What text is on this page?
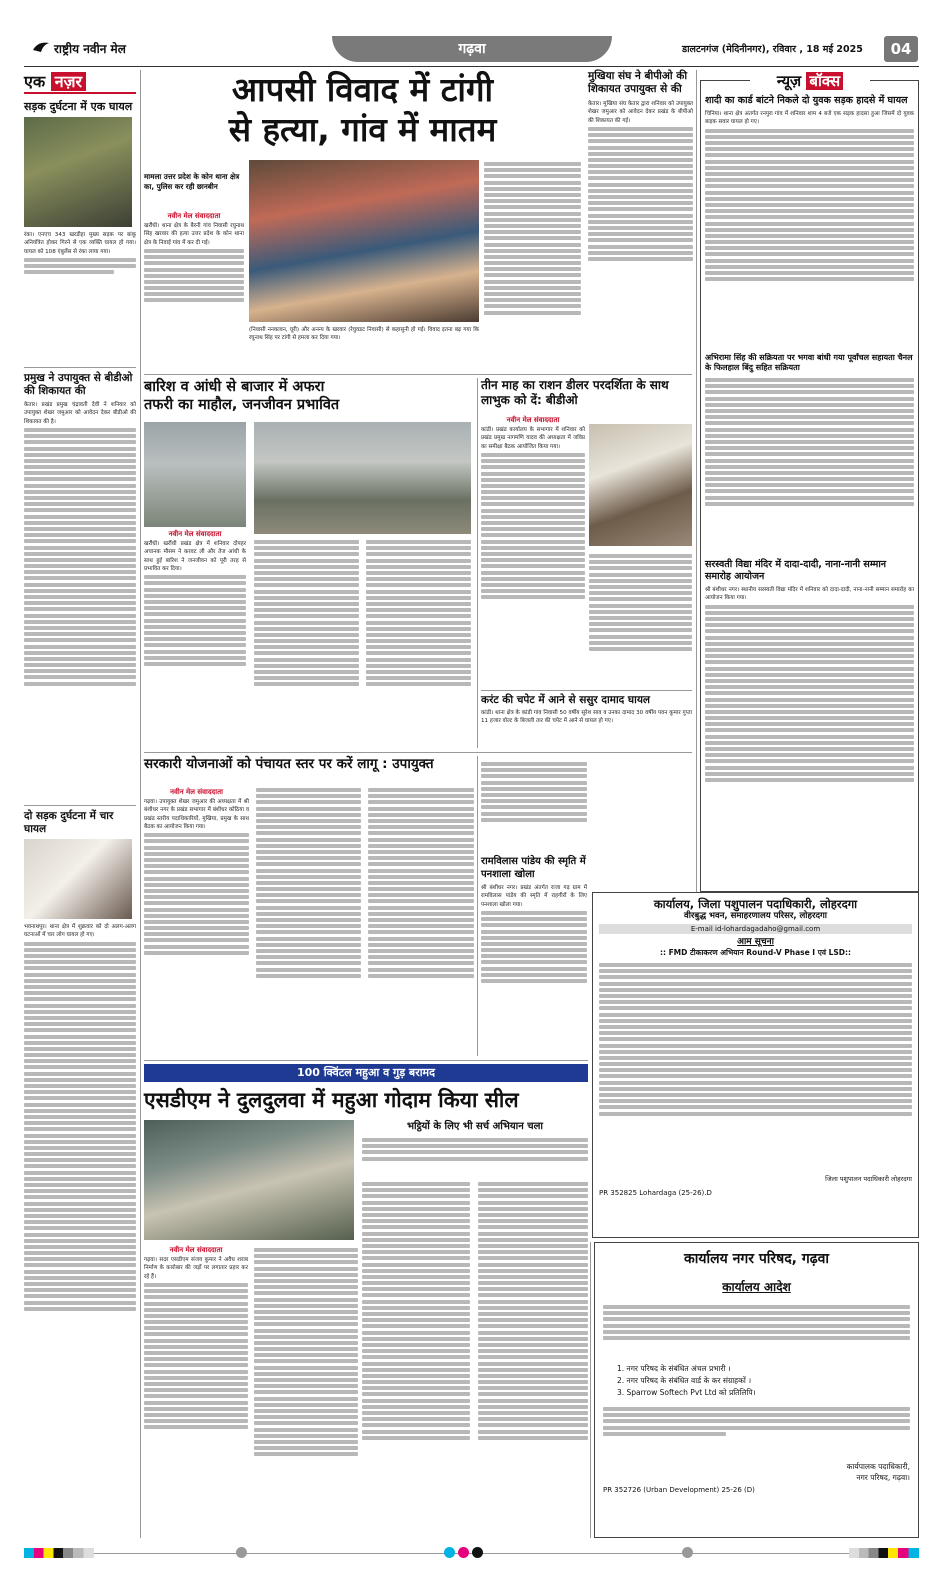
राष्ट्रीय नवीन मेल	गढ़वा	डालटनगंज (मेदिनीनगर), रविवार , 18 मई 2025	04
एक नज़र
सड़क दुर्घटना में एक घायल
रंका। एनएच 343 खरडीहा मुख्य सड़क पर बांकू अनियंत्रित होकर गिरने से एक व्यक्ति घायल हो गया। घायल को 108 एंबुलेंस से रंका लाया गया।
प्रमुख ने उपायुक्त से बीडीओ की शिकायत की
केतार। प्रखंड प्रमुख चंद्रावती देवी ने शनिवार को उपायुक्त शेखर जमुआर को आवेदन देकर बीडीओ की शिकायत की है।
दो सड़क दुर्घटना में चार घायल
भवनाथपुर। थाना क्षेत्र में शुक्रवार को दो अलग-अलग घटनाओं में चार लोग घायल हो गए।
आपसी विवाद में टांगी
से हत्या, गांव में मातम
मामला उत्तर प्रदेश के कोन थाना क्षेत्र का, पुलिस कर रही छानबीन
नवीन मेल संवाददाता
खरौंधी। थाना क्षेत्र के बैरनी गांव निवासी रघुनाथ सिंह खरवार की हत्या उत्तर प्रदेश के कोन थाना क्षेत्र के निवाई गांव में कर दी गई।
(निवासी ननकावन, घूरी) और अनन्य के खरवार (रेघुवडट निवासी) से कहासुनी हो गई। विवाद इतना बढ़ गया कि रघुनाथ सिंह पर टांगी से हमला कर दिया गया।
मुखिया संघ ने बीपीओ की शिकायत उपायुक्त से की
केतार। मुखिया संघ केतार द्वारा शनिवार को उपायुक्त शेखर जमुआर को आवेदन देकर प्रखंड के बीपीओ की शिकायत की गई।
न्यूज़ बॉक्स
शादी का कार्ड बांटने निकले दो युवक सड़क हादसे में घायल
चिनिया। थाना क्षेत्र अंतर्गत रनपुरा गांव में शनिवार शाम 4 बजे एक सड़क हादसा हुआ जिसमें दो युवक बाइक सवार घायल हो गए।
अभिरामा सिंह की सक्रियता पर भगवा बांधी गया पूर्वांचल सहायता चैनल के फिलहाल बिंदु सहित सक्रियता
सरस्वती विद्या मंदिर में दादा-दादी, नाना-नानी सम्मान समारोह आयोजन
श्री बंशीधर नगर। स्थानीय सरस्वती विद्या मंदिर में शनिवार को दादा-दादी, नाना-नानी सम्मान समारोह का आयोजन किया गया।
बारिश व आंधी से बाजार में अफरा
तफरी का माहौल, जनजीवन प्रभावित
नवीन मेल संवाददाता
खरौंधी। खरौंधी प्रखंड क्षेत्र में शनिवार दोपहर अचानक मौसम ने करवट ली और तेज आंधी के साथ हुई बारिश ने जनजीवन को पूरी तरह से प्रभावित कर दिया।
तीन माह का राशन डीलर परदर्शिता के साथ लाभुक को दें: बीडीओ
नवीन मेल संवाददाता
कांडी। प्रखंड कार्यालय के सभागार में शनिवार को प्रखंड प्रमुख नागमणि यादव की अध्यक्षता में जविप्र का समीक्षा बैठक आयोजित किया गया।
करंट की चपेट में आने से ससुर दामाद घायल
कांडी। थाना क्षेत्र के कांडी गांव निवासी 50 वर्षीय सुरेश साव व उनका दामाद 30 वर्षीय पवन कुमार गुप्ता 11 हजार वोल्ट के बिजली तार की चपेट में आने से घायल हो गए।
सरकारी योजनाओं को पंचायत स्तर पर करें लागू : उपायुक्त
नवीन मेल संवाददाता
गढ़वा। उपायुक्त शेखर जमुआर की अध्यक्षता में श्री बंशीधर नगर के प्रखंड सभागार में बंशीधर कोठिया व प्रखंड स्तरीय पदाधिकारियों, मुखिया, प्रमुख के साथ बैठक का आयोजन किया गया।
रामविलास पांडेय की स्मृति में पनशाला खोला
श्री बंशीधर नगर। प्रखंड अंतर्गत राजा गढ़ ग्राम में रामविलास पांडेय की स्मृति में राहगीरों के लिए पनशाला खोला गया।	कार्यालय, जिला पशुपालन पदाधिकारी, लोहरदगा
वीरबुद्ध भवन, समाहरणालय परिसर, लोहरदगा
E-mail id-lohardagadaho@gmail.com
आम सूचना
:: FMD टीकाकरण अभियान Round-V Phase I एवं LSD::
जिला पशुपालन पदाधिकारी लोहरदगा
PR 352825 Lohardaga (25-26).D
100 क्विंटल महुआ व गुड़ बरामद
एसडीएम ने दुलदुलवा में महुआ गोदाम किया सील
नवीन मेल संवाददाता
गढ़वा। सदर एसडीएम संजय कुमार ने अवैध शराब निर्माण के कारोबार की जड़ों पर लगातार प्रहार कर रहे हैं।
भट्ठियों के लिए भी सर्च अभियान चला
कार्यालय नगर परिषद, गढ़वा
कार्यालय आदेश
1. नगर परिषद के संबंधित अंचल प्रभारी ।
2. नगर परिषद के संबंधित वार्ड के कर संग्राहकों ।
3. Sparrow Softech Pvt Ltd को प्रतिलिपि।
कार्यपालक पदाधिकारी,
नगर परिषद, गढ़वा।
PR 352726 (Urban Development) 25-26 (D)
